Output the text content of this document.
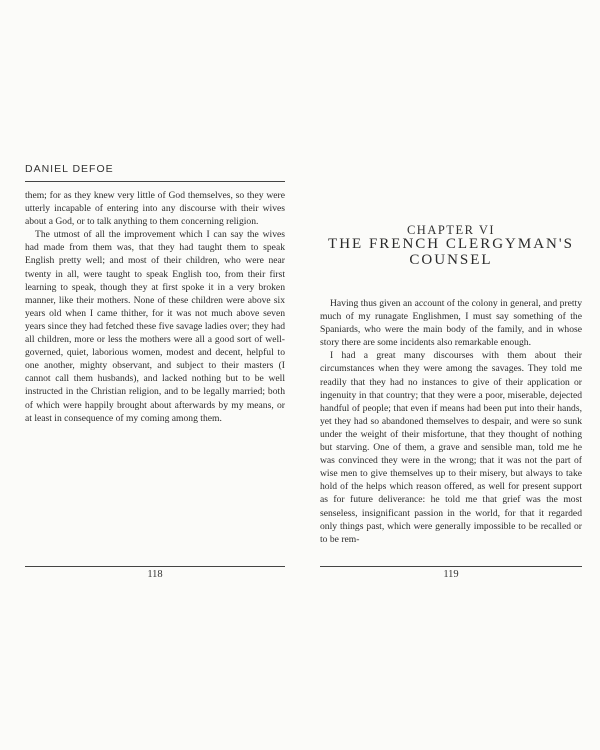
DANIEL DEFOE

them; for as they knew very little of God themselves, so they were utterly incapable of entering into any discourse with their wives about a God, or to talk anything to them concerning religion.

The utmost of all the improvement which I can say the wives had made from them was, that they had taught them to speak English pretty well; and most of their children, who were near twenty in all, were taught to speak English too, from their first learning to speak, though they at first spoke it in a very broken manner, like their mothers. None of these children were above six years old when I came thither, for it was not much above seven years since they had fetched these five savage ladies over; they had all children, more or less the mothers were all a good sort of well-governed, quiet, laborious women, modest and decent, helpful to one another, mighty observant, and subject to their masters (I cannot call them husbands), and lacked nothing but to be well instructed in the Christian religion, and to be legally married; both of which were happily brought about afterwards by my means, or at least in consequence of my coming among them.

118
CHAPTER VI
THE FRENCH CLERGYMAN'S
COUNSEL

Having thus given an account of the colony in general, and pretty much of my runagate Englishmen, I must say something of the Spaniards, who were the main body of the family, and in whose story there are some incidents also remarkable enough.

I had a great many discourses with them about their circumstances when they were among the savages. They told me readily that they had no instances to give of their application or ingenuity in that country; that they were a poor, miserable, dejected handful of people; that even if means had been put into their hands, yet they had so abandoned themselves to despair, and were so sunk under the weight of their misfortune, that they thought of nothing but starving. One of them, a grave and sensible man, told me he was convinced they were in the wrong; that it was not the part of wise men to give themselves up to their misery, but always to take hold of the helps which reason offered, as well for present support as for future deliverance: he told me that grief was the most senseless, insignificant passion in the world, for that it regarded only things past, which were generally impossible to be recalled or to be rem-

119
